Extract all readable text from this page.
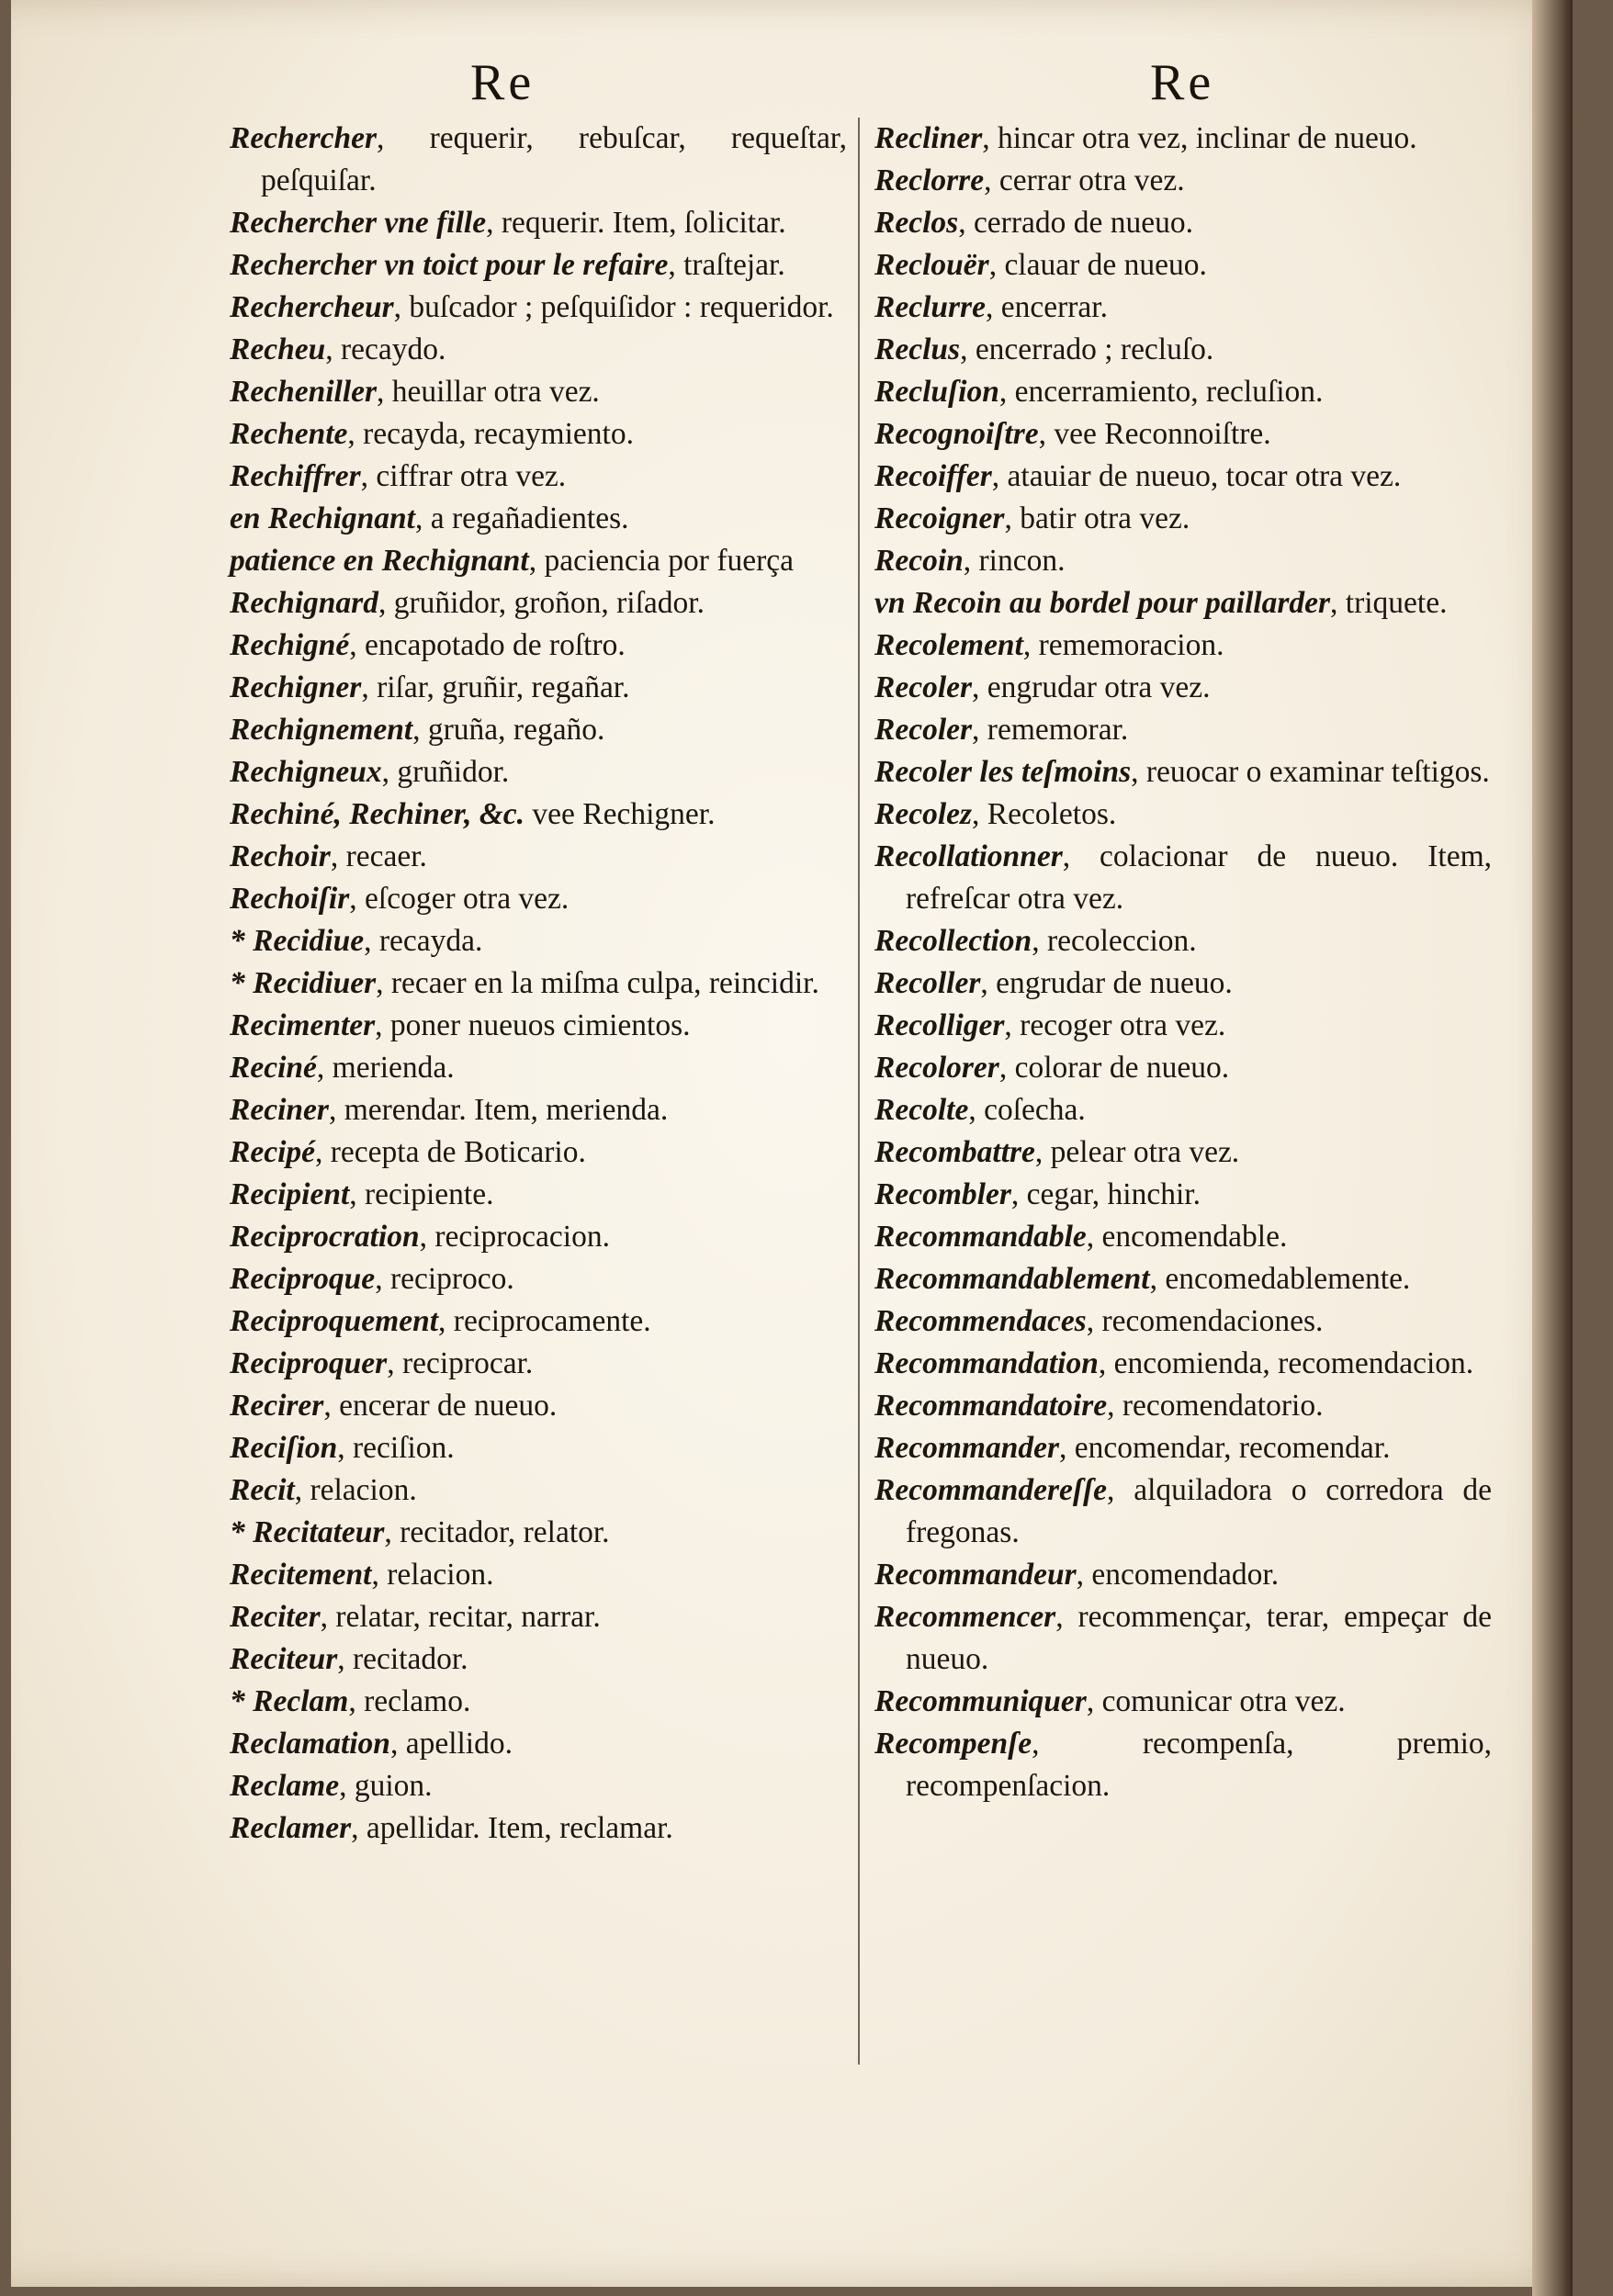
Re	Re
Rechercher, requerir, rebuſcar, requeſtar, peſquiſar.
Rechercher vne fille, requerir. Item, ſolicitar.
Rechercher vn toict pour le refaire, traſtejar.
Rechercheur, buſcador ; peſquiſidor : requeridor.
Recheu, recaydo.
Recheniller, heuillar otra vez.
Rechente, recayda, recaymiento.
Rechiffrer, ciffrar otra vez.
en Rechignant, a regañadientes.
patience en Rechignant, paciencia por fuerça
Rechignard, gruñidor, groñon, riſador.
Rechigné, encapotado de roſtro.
Rechigner, riſar, gruñir, regañar.
Rechignement, gruña, regaño.
Rechigneux, gruñidor.
Rechiné, Rechiner, &c. vee Rechigner.
Rechoir, recaer.
Rechoiſir, eſcoger otra vez.
* Recidiue, recayda.
* Recidiuer, recaer en la miſma culpa, reincidir.
Recimenter, poner nueuos cimientos.
Reciné, merienda.
Reciner, merendar. Item, merienda.
Recipé, recepta de Boticario.
Recipient, recipiente.
Reciprocration, reciprocacion.
Reciproque, reciproco.
Reciproquement, reciprocamente.
Reciproquer, reciprocar.
Recirer, encerar de nueuo.
Reciſion, reciſion.
Recit, relacion.
* Recitateur, recitador, relator.
Recitement, relacion.
Reciter, relatar, recitar, narrar.
Reciteur, recitador.
* Reclam, reclamo.
Reclamation, apellido.
Reclame, guion.
Reclamer, apellidar. Item, reclamar.
Recliner, hincar otra vez, inclinar de nueuo.
Reclorre, cerrar otra vez.
Reclos, cerrado de nueuo.
Reclouër, clauar de nueuo.
Reclurre, encerrar.
Reclus, encerrado ; recluſo.
Recluſion, encerramiento, recluſion.
Recognoiſtre, vee Reconnoiſtre.
Recoiffer, atauiar de nueuo, tocar otra vez.
Recoigner, batir otra vez.
Recoin, rincon.
vn Recoin au bordel pour paillarder, triquete.
Recolement, rememoracion.
Recoler, engrudar otra vez.
Recoler, rememorar.
Recoler les teſmoins, reuocar o examinar teſtigos.
Recolez, Recoletos.
Recollationner, colacionar de nueuo. Item, refreſcar otra vez.
Recollection, recoleccion.
Recoller, engrudar de nueuo.
Recolliger, recoger otra vez.
Recolorer, colorar de nueuo.
Recolte, coſecha.
Recombattre, pelear otra vez.
Recombler, cegar, hinchir.
Recommandable, encomendable.
Recommandablement, encomedablemente.
Recommendaces, recomendaciones.
Recommandation, encomienda, recomendacion.
Recommandatoire, recomendatorio.
Recommander, encomendar, recomendar.
Recommandereſſe, alquiladora o corredora de fregonas.
Recommandeur, encomendador.
Recommencer, recommençar, terar, empeçar de nueuo.
Recommuniquer, comunicar otra vez.
Recompenſe, recompenſa, premio, recompenſacion.
